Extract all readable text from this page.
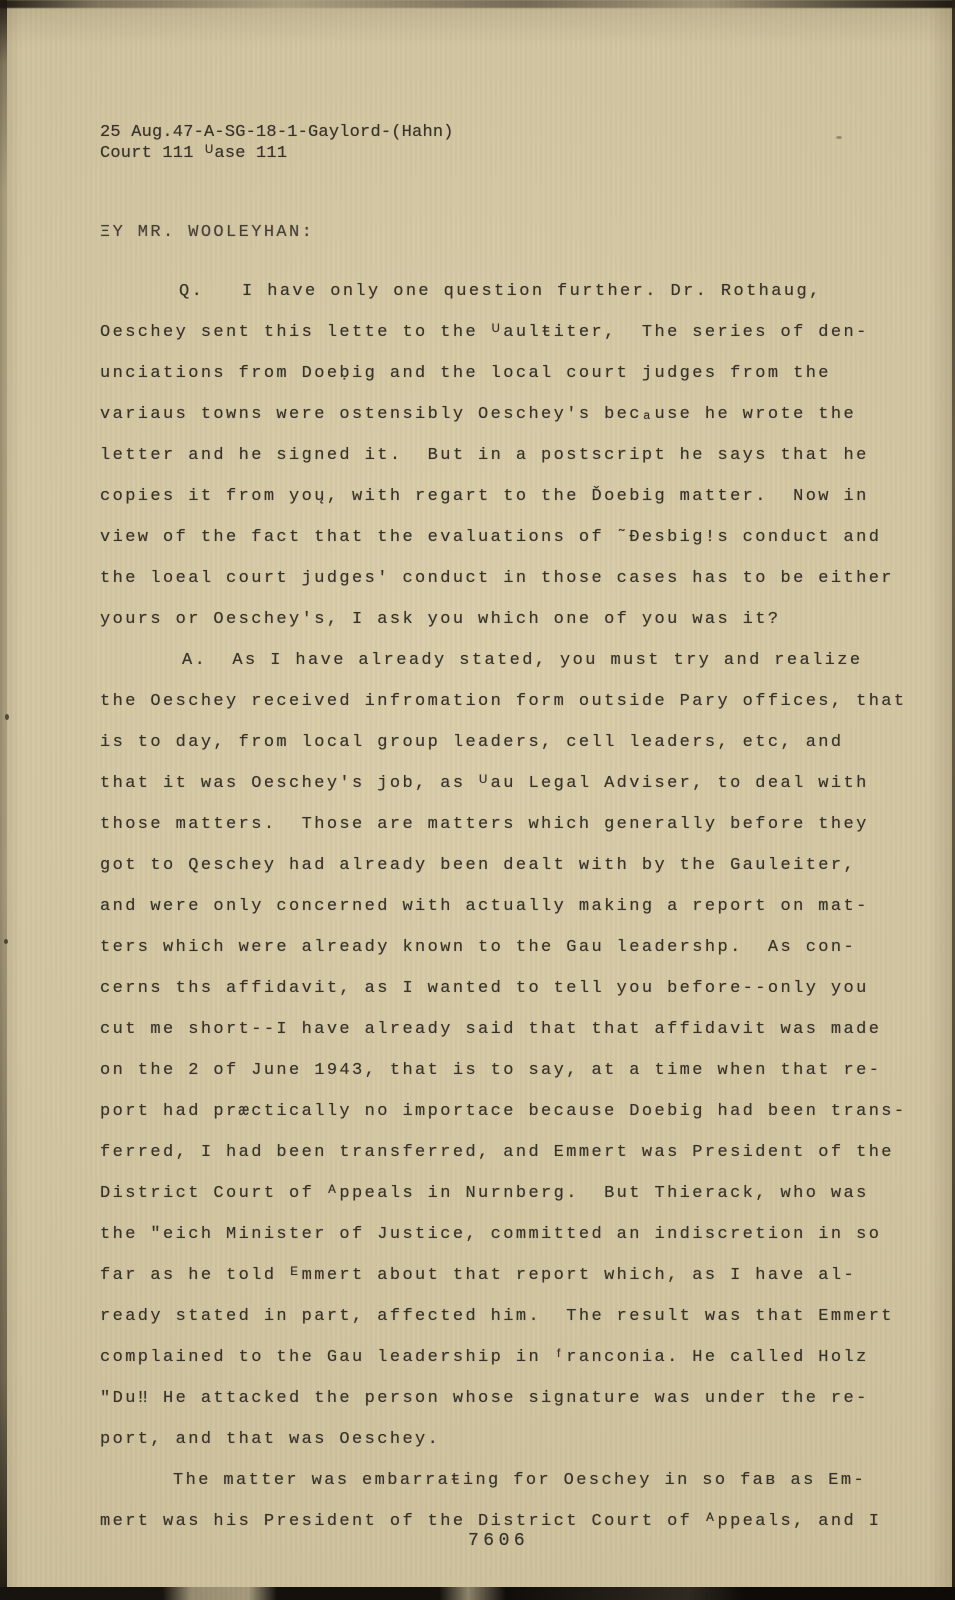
25 Aug.47-A-SG-18-1-Gaylord-(Hahn)
Court 111 ᵁase 111
ΞY MR. WOOLEYHAN:
Q.   I have only one question further. Dr. Rothaug,
Oeschey sent this lette to the ᵁaulŧiter,  The series of den-
unciations from Doeḅig and the local court judges from the
variaus towns were ostensibly Oeschey's becₐuse he wrote the
letter and he signed it.  But in a postscript he says that he
copies it from yoų, with regart to the Ďoebig matter.  Now in
view of the fact that the evaluations of ˜Ðesbig!s conduct and
the loeal court judges' conduct in those cases has to be either
yours or Oeschey's, I ask you which one of you was it?
A.  As I have already stated, you must try and realize
the Oeschey received infromation form outside Pary offices, that
is to day, from local group leaders, cell leaders, etc, and
that it was Oeschey's job, as ᵁau Legal Adviser, to deal with
those matters.  Those are matters which generally before they
got to Qeschey had already been dealt with by the Gauleiter,
and were only concerned with actually making a report on mat-
ters which were already known to the Gau leadershp.  As con-
cerns ths affidavit, as I wanted to tell you before--only you
cut me short--I have already said that that affidavit was made
on the 2 of June 1943, that is to say, at a time when that re-
port had præctically no importace because Doebig had been trans-
ferred, I had been transferred, and Emmert was President of the
District Court of ᴬppeals in Nurnberg.  But Thierack, who was
the ʺeich Minister of Justice, committed an indiscretion in so
far as he told ᴱmmert about that report which, as I have al-
ready stated in part, affected him.  The result was that Emmert
complained to the Gau leadership in ᶠranconia. He called Holz
"Du‼ He attacked the person whose signature was under the re-
port, and that was Oeschey.
The matter was embarraŧing for Oeschey in so faв as Em-
mert was his President of the District Court of ᴬppeals, and I
7606
